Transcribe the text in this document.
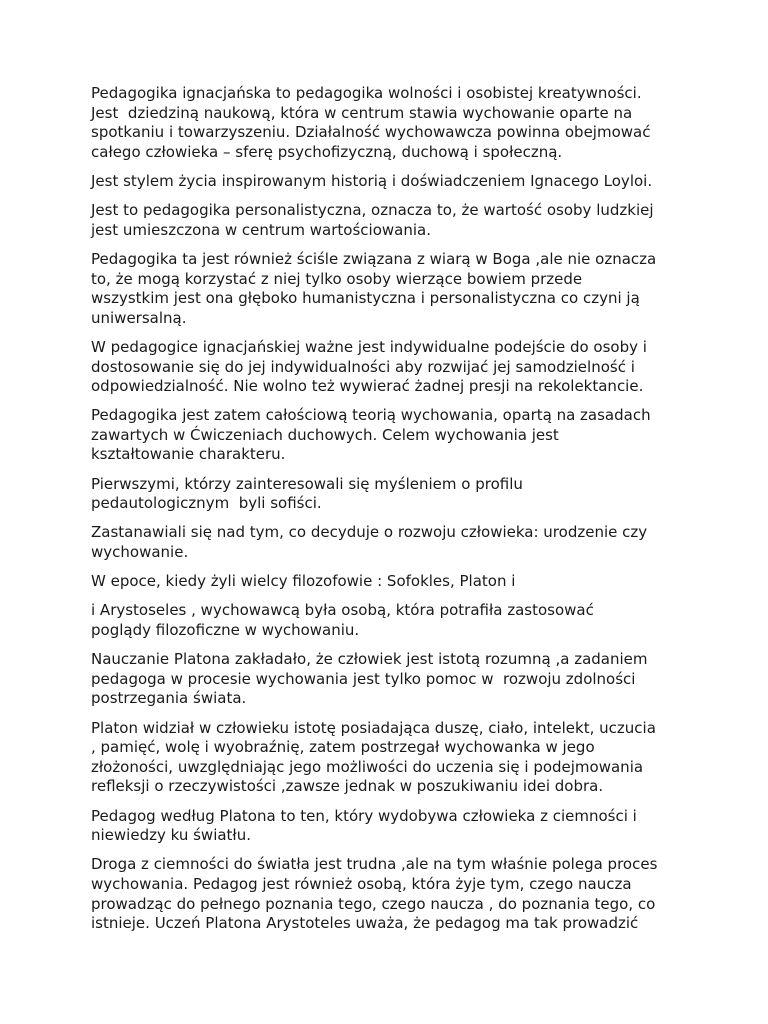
Pedagogika ignacjańska to pedagogika wolności i osobistej kreatywności.
Jest  dziedziną naukową, która w centrum stawia wychowanie oparte na
spotkaniu i towarzyszeniu. Działalność wychowawcza powinna obejmować
całego człowieka – sferę psychofizyczną, duchową i społeczną.

Jest stylem życia inspirowanym historią i doświadczeniem Ignacego Loyloi.

Jest to pedagogika personalistyczna, oznacza to, że wartość osoby ludzkiej
jest umieszczona w centrum wartościowania.

Pedagogika ta jest również ściśle związana z wiarą w Boga ,ale nie oznacza
to, że mogą korzystać z niej tylko osoby wierzące bowiem przede
wszystkim jest ona głęboko humanistyczna i personalistyczna co czyni ją
uniwersalną.

W pedagogice ignacjańskiej ważne jest indywidualne podejście do osoby i
dostosowanie się do jej indywidualności aby rozwijać jej samodzielność i
odpowiedzialność. Nie wolno też wywierać żadnej presji na rekolektancie.

Pedagogika jest zatem całościową teorią wychowania, opartą na zasadach
zawartych w Ćwiczeniach duchowych. Celem wychowania jest
kształtowanie charakteru.

Pierwszymi, którzy zainteresowali się myśleniem o profilu
pedautologicznym  byli sofiści.

Zastanawiali się nad tym, co decyduje o rozwoju człowieka: urodzenie czy
wychowanie.

W epoce, kiedy żyli wielcy filozofowie : Sofokles, Platon i

i Arystoseles , wychowawcą była osobą, która potrafiła zastosować
poglądy filozoficzne w wychowaniu.

Nauczanie Platona zakładało, że człowiek jest istotą rozumną ,a zadaniem
pedagoga w procesie wychowania jest tylko pomoc w  rozwoju zdolności
postrzegania świata.

Platon widział w człowieku istotę posiadająca duszę, ciało, intelekt, uczucia
, pamięć, wolę i wyobraźnię, zatem postrzegał wychowanka w jego
złożoności, uwzględniając jego możliwości do uczenia się i podejmowania
refleksji o rzeczywistości ,zawsze jednak w poszukiwaniu idei dobra.

Pedagog według Platona to ten, który wydobywa człowieka z ciemności i
niewiedzy ku światłu.

Droga z ciemności do światła jest trudna ,ale na tym właśnie polega proces
wychowania. Pedagog jest również osobą, która żyje tym, czego naucza
prowadząc do pełnego poznania tego, czego naucza , do poznania tego, co
istnieje. Uczeń Platona Arystoteles uważa, że pedagog ma tak prowadzić
